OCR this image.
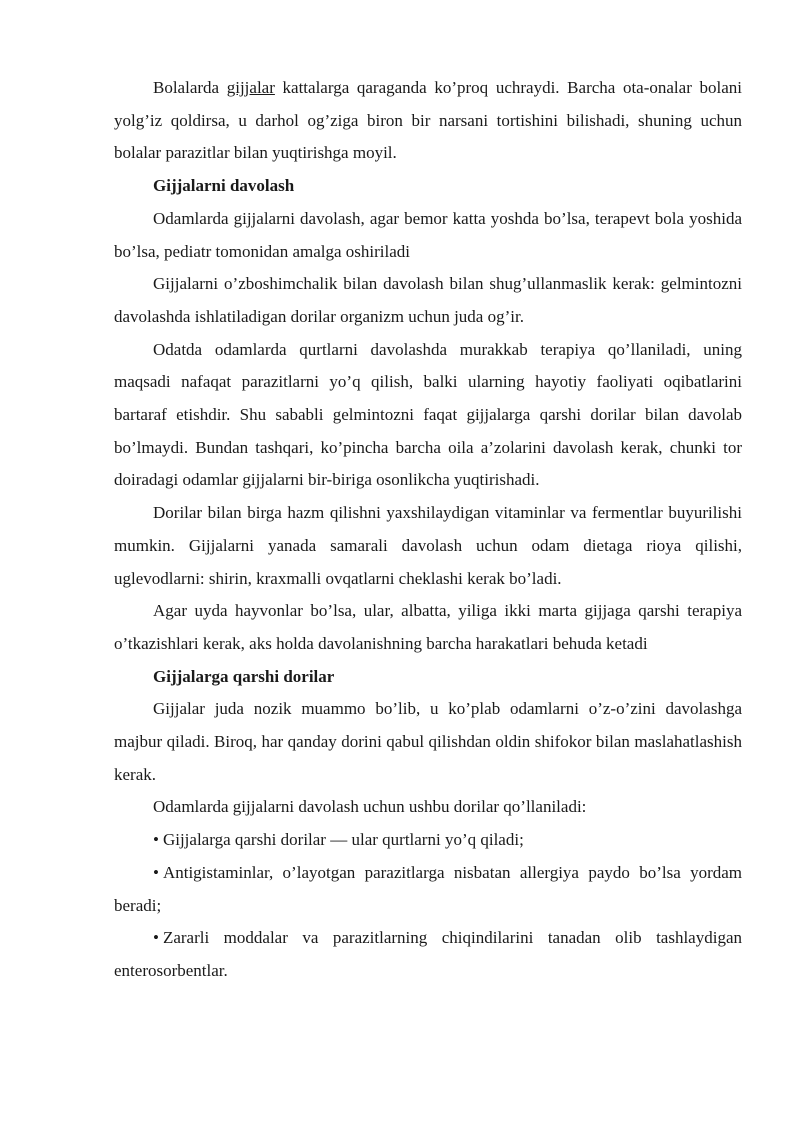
Bolalarda gijjalar kattalarga qaraganda ko’proq uchraydi. Barcha ota-onalar bolani yolg’iz qoldirsa, u darhol og’ziga biron bir narsani tortishini bilishadi, shuning uchun bolalar parazitlar bilan yuqtirishga moyil.

Gijjalarni davolash

Odamlarda gijjalarni davolash, agar bemor katta yoshda bo’lsa, terapevt bola yoshida bo’lsa, pediatr tomonidan amalga oshiriladi

Gijjalarni o’zboshimchalik bilan davolash bilan shug’ullanmaslik kerak: gelmintozni davolashda ishlatiladigan dorilar organizm uchun juda og’ir.

Odatda odamlarda qurtlarni davolashda murakkab terapiya qo’llaniladi, uning maqsadi nafaqat parazitlarni yo’q qilish, balki ularning hayotiy faoliyati oqibatlarini bartaraf etishdir. Shu sababli gelmintozni faqat gijjalarga qarshi dorilar bilan davolab bo’lmaydi. Bundan tashqari, ko’pincha barcha oila a’zolarini davolash kerak, chunki tor doiradagi odamlar gijjalarni bir-biriga osonlikcha yuqtirishadi.

Dorilar bilan birga hazm qilishni yaxshilaydigan vitaminlar va fermentlar buyurilishi mumkin. Gijjalarni yanada samarali davolash uchun odam dietaga rioya qilishi, uglevodlarni: shirin, kraxmalli ovqatlarni cheklashi kerak bo’ladi.

Agar uyda hayvonlar bo’lsa, ular, albatta, yiliga ikki marta gijjaga qarshi terapiya o’tkazishlari kerak, aks holda davolanishning barcha harakatlari behuda ketadi

Gijjalarga qarshi dorilar

Gijjalar juda nozik muammo bo’lib, u ko’plab odamlarni o’z-o’zini davolashga majbur qiladi. Biroq, har qanday dorini qabul qilishdan oldin shifokor bilan maslahatlashish kerak.

Odamlarda gijjalarni davolash uchun ushbu dorilar qo’llaniladi:

• Gijjalarga qarshi dorilar — ular qurtlarni yo’q qiladi;

• Antigistaminlar, o’layotgan parazitlarga nisbatan allergiya paydo bo’lsa yordam beradi;

• Zararli moddalar va parazitlarning chiqindilarini tanadan olib tashlaydigan enterosorbentlar.
